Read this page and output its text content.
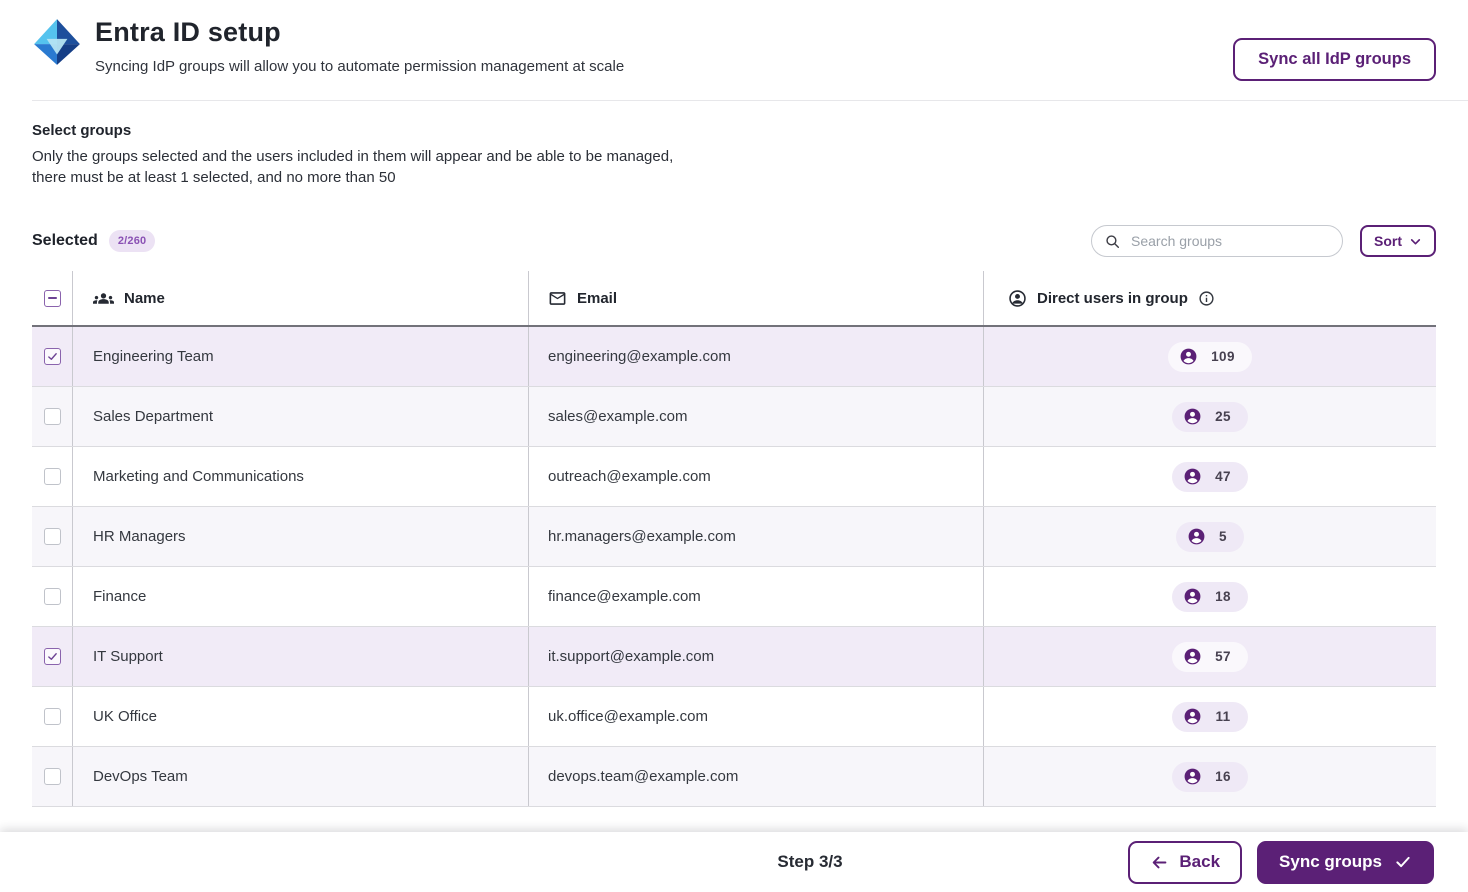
Entra ID setup
Syncing IdP groups will allow you to automate permission management at scale	Sync all IdP groups
Select groups
Only the groups selected and the users included in them will appear and be able to be managed,
there must be at least 1 selected, and no more than 50
Selected	2/260
Search groups	Sort
Name	Email	Direct users in group
Engineering Team	engineering@example.com	109
Sales Department	sales@example.com	25
Marketing and Communications	outreach@example.com	47
HR Managers	hr.managers@example.com	5
Finance	finance@example.com	18
IT Support	it.support@example.com	57
UK Office	uk.office@example.com	11
DevOps Team	devops.team@example.com	16
Step 3/3	Back	Sync groups
